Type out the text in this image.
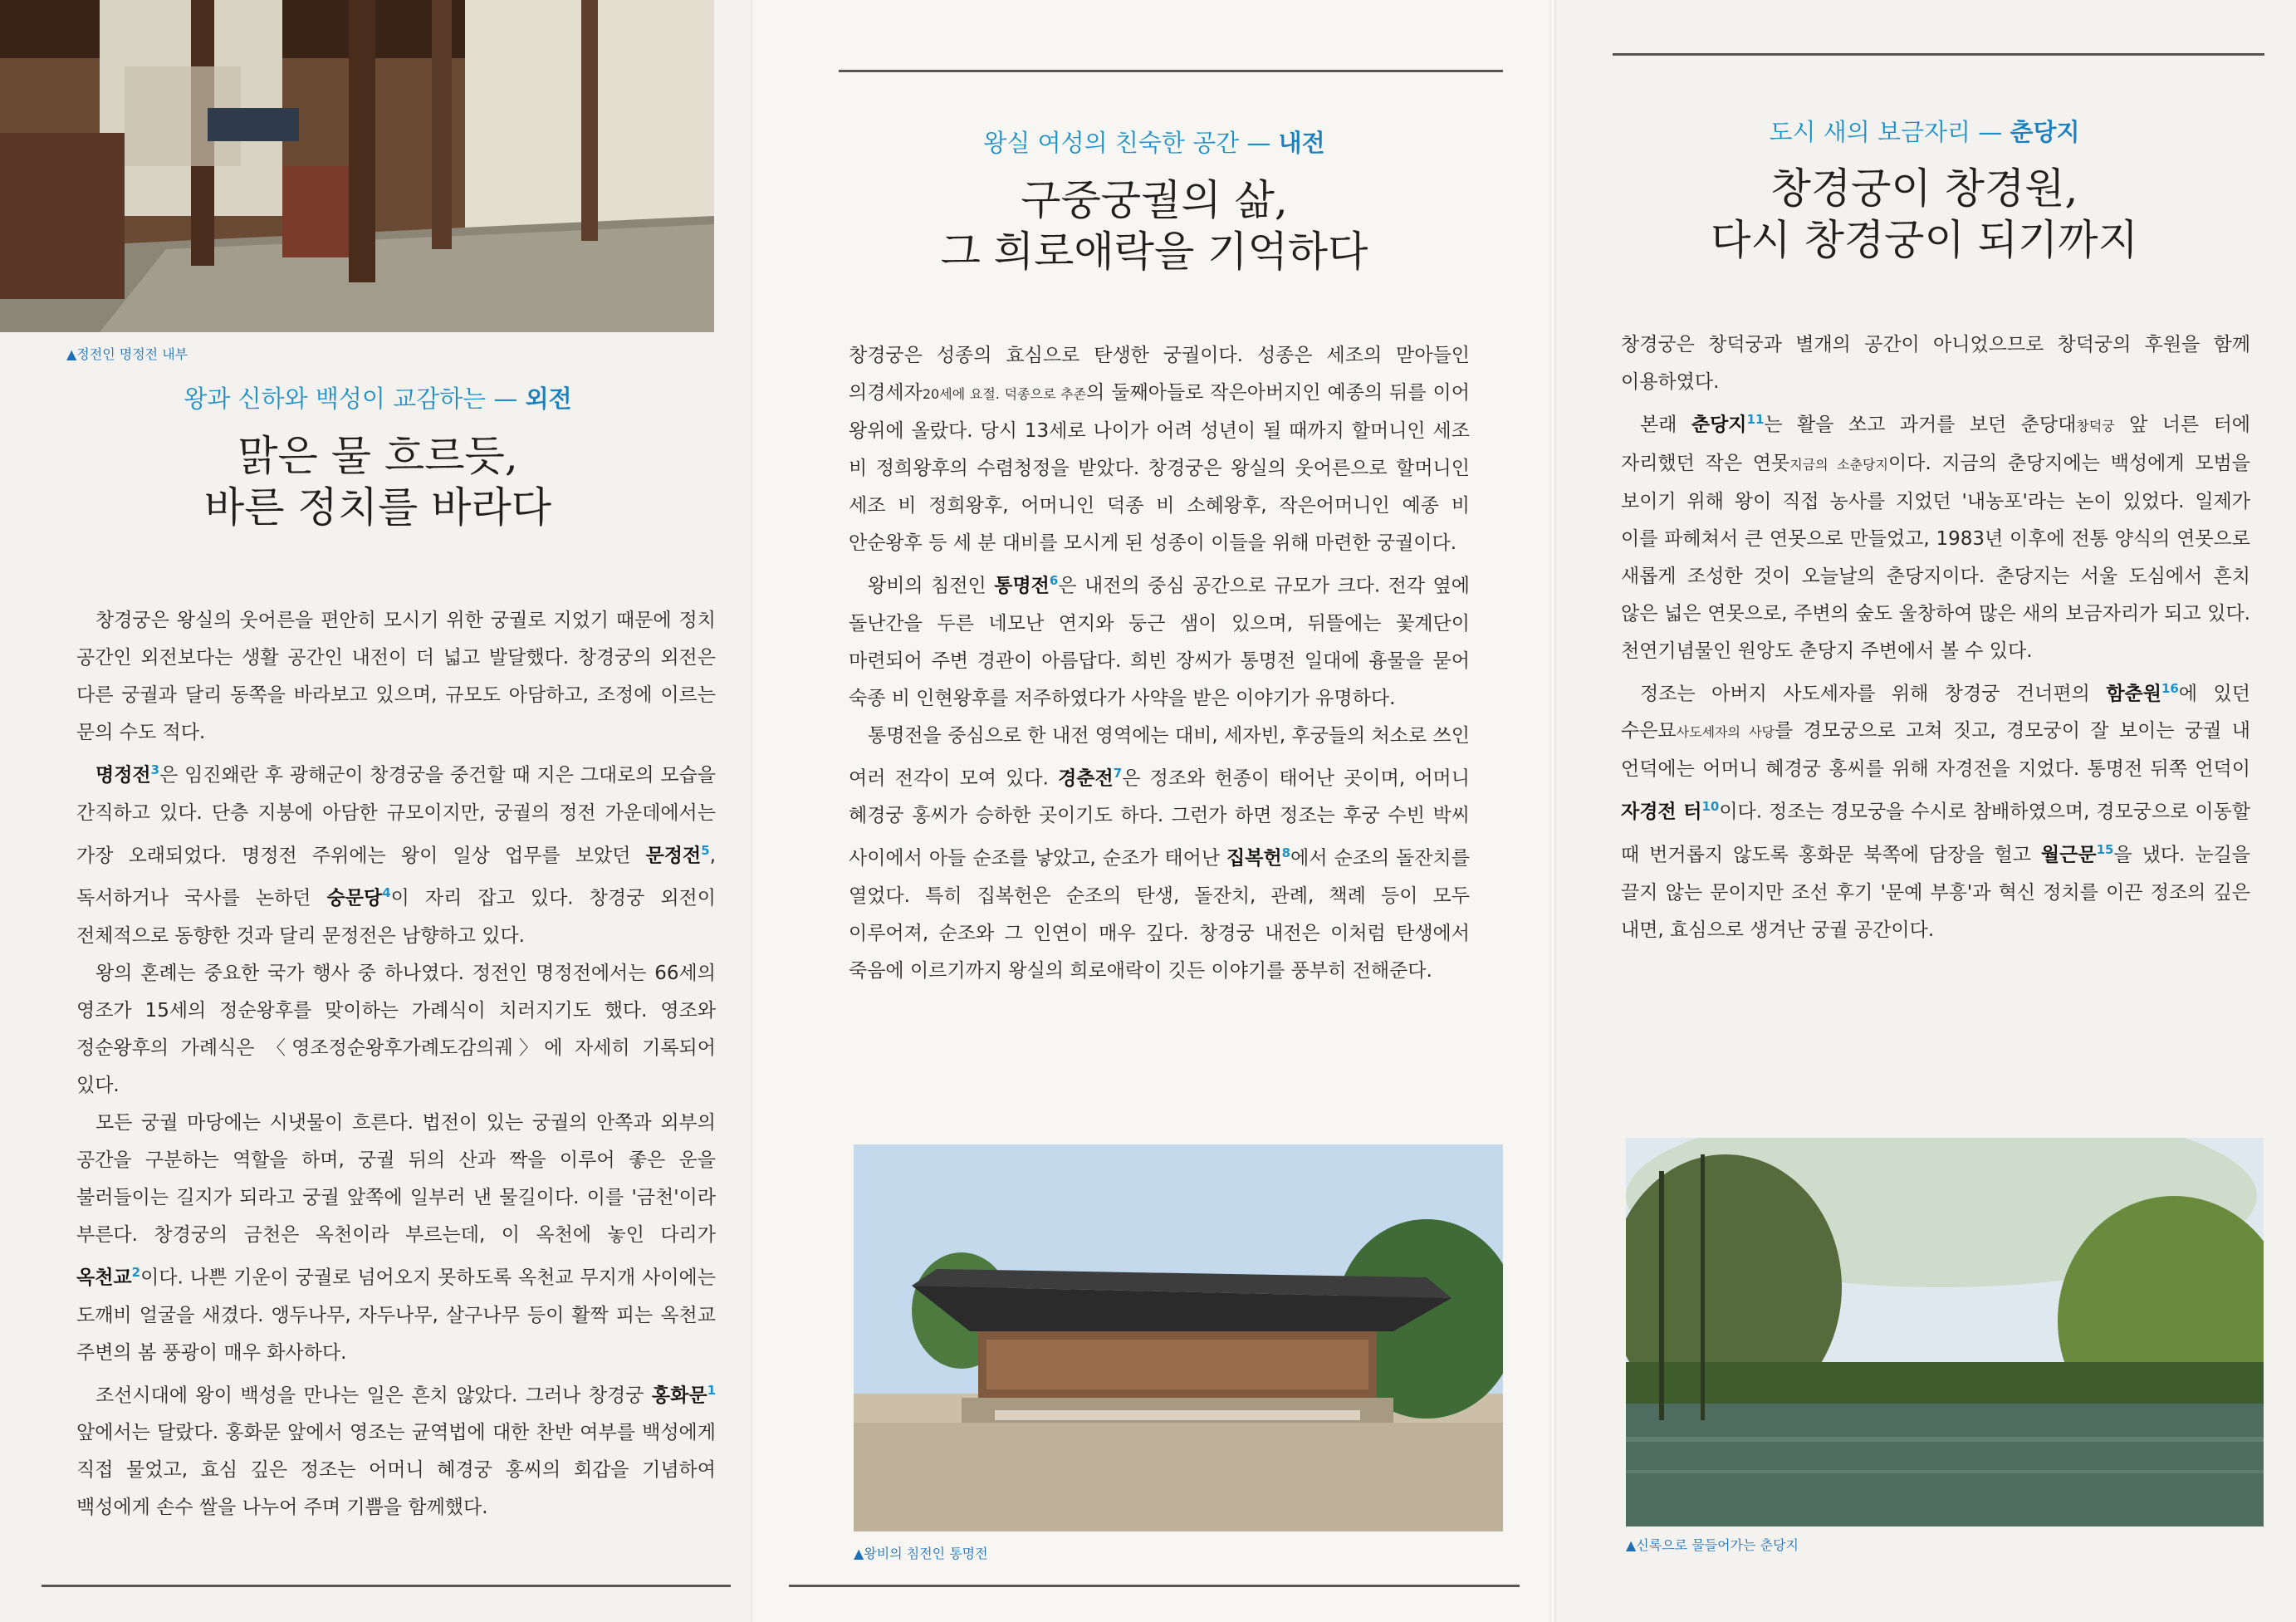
▲정전인 명정전 내부
왕과 신하와 백성이 교감하는 — 외전
맑은 물 흐르듯,
바른 정치를 바라다

창경궁은 왕실의 웃어른을 편안히 모시기 위한 궁궐로 지었기 때문에 정치 공간인 외전보다는 생활 공간인 내전이 더 넓고 발달했다. 창경궁의 외전은 다른 궁궐과 달리 동쪽을 바라보고 있으며, 규모도 아담하고, 조정에 이르는 문의 수도 적다.

명정전$^3$은 임진왜란 후 광해군이 창경궁을 중건할 때 지은 그대로의 모습을 간직하고 있다. 단층 지붕에 아담한 규모이지만, 궁궐의 정전 가운데에서는 가장 오래되었다. 명정전 주위에는 왕이 일상 업무를 보았던 문정전$^5$, 독서하거나 국사를 논하던 숭문당$^4$이 자리 잡고 있다. 창경궁 외전이 전체적으로 동향한 것과 달리 문정전은 남향하고 있다.

왕의 혼례는 중요한 국가 행사 중 하나였다. 정전인 명정전에서는 66세의 영조가 15세의 정순왕후를 맞이하는 가례식이 치러지기도 했다. 영조와 정순왕후의 가례식은 〈영조정순왕후가례도감의궤〉에 자세히 기록되어 있다.

모든 궁궐 마당에는 시냇물이 흐른다. 법전이 있는 궁궐의 안쪽과 외부의 공간을 구분하는 역할을 하며, 궁궐 뒤의 산과 짝을 이루어 좋은 운을 불러들이는 길지가 되라고 궁궐 앞쪽에 일부러 낸 물길이다. 이를 '금천'이라 부른다. 창경궁의 금천은 옥천이라 부르는데, 이 옥천에 놓인 다리가 옥천교$^2$이다. 나쁜 기운이 궁궐로 넘어오지 못하도록 옥천교 무지개 사이에는 도깨비 얼굴을 새겼다. 앵두나무, 자두나무, 살구나무 등이 활짝 피는 옥천교 주변의 봄 풍광이 매우 화사하다.

조선시대에 왕이 백성을 만나는 일은 흔치 않았다. 그러나 창경궁 홍화문$^1$ 앞에서는 달랐다. 홍화문 앞에서 영조는 균역법에 대한 찬반 여부를 백성에게 직접 물었고, 효심 깊은 정조는 어머니 혜경궁 홍씨의 회갑을 기념하여 백성에게 손수 쌀을 나누어 주며 기쁨을 함께했다.

왕실 여성의 친숙한 공간 — 내전
구중궁궐의 삶,
그 희로애락을 기억하다

창경궁은 성종의 효심으로 탄생한 궁궐이다. 성종은 세조의 맏아들인 의경세자20세에 요절. 덕종으로 추존의 둘째아들로 작은아버지인 예종의 뒤를 이어 왕위에 올랐다. 당시 13세로 나이가 어려 성년이 될 때까지 할머니인 세조 비 정희왕후의 수렴청정을 받았다. 창경궁은 왕실의 웃어른으로 할머니인 세조 비 정희왕후, 어머니인 덕종 비 소혜왕후, 작은어머니인 예종 비 안순왕후 등 세 분 대비를 모시게 된 성종이 이들을 위해 마련한 궁궐이다.

왕비의 침전인 통명전$^6$은 내전의 중심 공간으로 규모가 크다. 전각 옆에 돌난간을 두른 네모난 연지와 둥근 샘이 있으며, 뒤뜰에는 꽃계단이 마련되어 주변 경관이 아름답다. 희빈 장씨가 통명전 일대에 흉물을 묻어 숙종 비 인현왕후를 저주하였다가 사약을 받은 이야기가 유명하다.

통명전을 중심으로 한 내전 영역에는 대비, 세자빈, 후궁들의 처소로 쓰인 여러 전각이 모여 있다. 경춘전$^7$은 정조와 헌종이 태어난 곳이며, 어머니 혜경궁 홍씨가 승하한 곳이기도 하다. 그런가 하면 정조는 후궁 수빈 박씨 사이에서 아들 순조를 낳았고, 순조가 태어난 집복헌$^8$에서 순조의 돌잔치를 열었다. 특히 집복헌은 순조의 탄생, 돌잔치, 관례, 책례 등이 모두 이루어져, 순조와 그 인연이 매우 깊다. 창경궁 내전은 이처럼 탄생에서 죽음에 이르기까지 왕실의 희로애락이 깃든 이야기를 풍부히 전해준다.

▲왕비의 침전인 통명전
도시 새의 보금자리 — 춘당지
창경궁이 창경원,
다시 창경궁이 되기까지

창경궁은 창덕궁과 별개의 공간이 아니었으므로 창덕궁의 후원을 함께 이용하였다.

본래 춘당지$^{11}$는 활을 쏘고 과거를 보던 춘당대창덕궁 앞 너른 터에 자리했던 작은 연못지금의 소춘당지이다. 지금의 춘당지에는 백성에게 모범을 보이기 위해 왕이 직접 농사를 지었던 '내농포'라는 논이 있었다. 일제가 이를 파헤쳐서 큰 연못으로 만들었고, 1983년 이후에 전통 양식의 연못으로 새롭게 조성한 것이 오늘날의 춘당지이다. 춘당지는 서울 도심에서 흔치 않은 넓은 연못으로, 주변의 숲도 울창하여 많은 새의 보금자리가 되고 있다. 천연기념물인 원앙도 춘당지 주변에서 볼 수 있다.

정조는 아버지 사도세자를 위해 창경궁 건너편의 함춘원$^{16}$에 있던 수은묘사도세자의 사당를 경모궁으로 고쳐 짓고, 경모궁이 잘 보이는 궁궐 내 언덕에는 어머니 혜경궁 홍씨를 위해 자경전을 지었다. 통명전 뒤쪽 언덕이 자경전 터$^{10}$이다. 정조는 경모궁을 수시로 참배하였으며, 경모궁으로 이동할 때 번거롭지 않도록 홍화문 북쪽에 담장을 헐고 월근문$^{15}$을 냈다. 눈길을 끌지 않는 문이지만 조선 후기 '문예 부흥'과 혁신 정치를 이끈 정조의 깊은 내면, 효심으로 생겨난 궁궐 공간이다.

▲신록으로 물들어가는 춘당지
